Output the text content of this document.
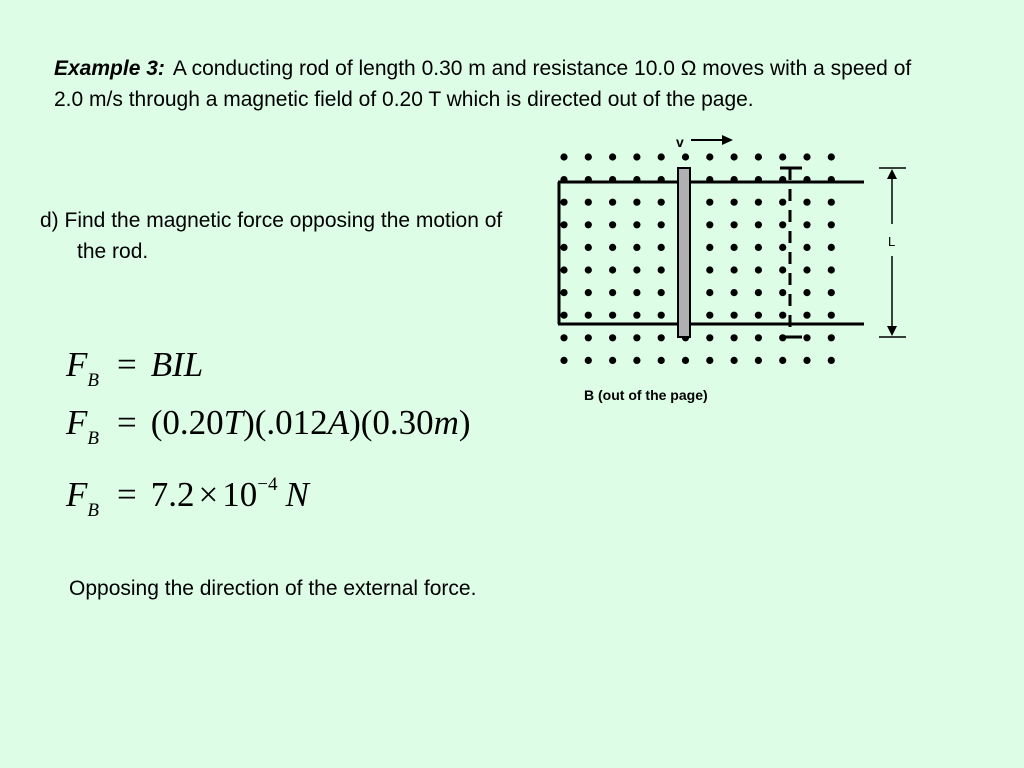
Example 3: A conducting rod of length 0.30 m and resistance 10.0 Ω moves with a speed of 2.0 m/s through a magnetic field of 0.20 T which is directed out of the page.
d) Find the magnetic force opposing the motion of the rod.
$F_B$ = BIL
$F_B = (0.20T)(.012A)(0.30m)$
$F_B = 7.2 \times 10^{-4}$ N
Opposing the direction of the external force.
v
L
B (out of the page)
